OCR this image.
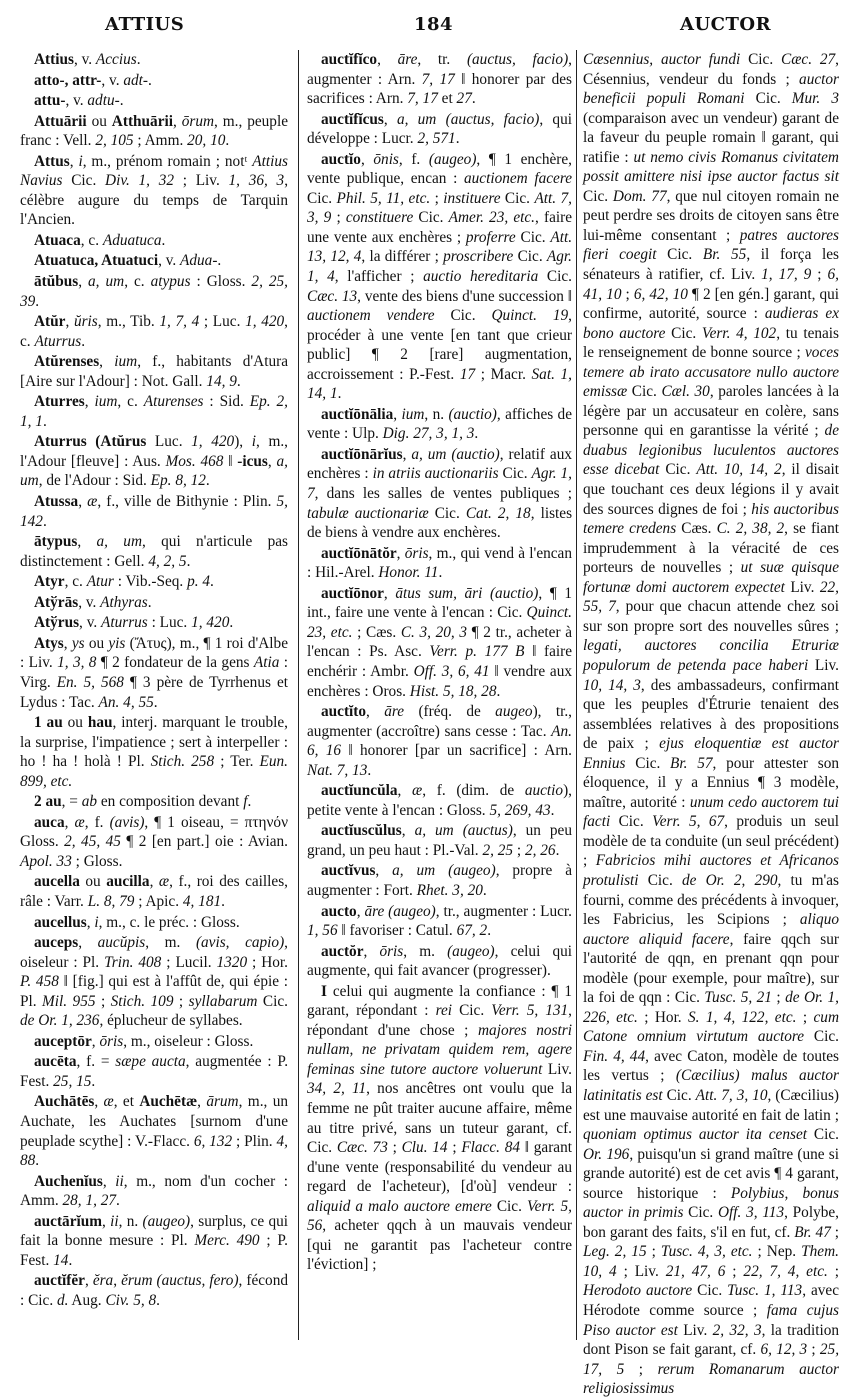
ATTIUS	184	AUCTOR
Attius, v. Accius.
atto-, attr-, v. adt-.
attu-, v. adtu-.
Attuārii ou Atthuārii, ōrum, m., peuple franc : Vell. 2, 105 ; Amm. 20, 10.
Attus, i, m., prénom romain ; notᵗ Attius Navius Cic. Div. 1, 32 ; Liv. 1, 36, 3, célèbre augure du temps de Tarquin l'Ancien.
Atuaca, c. Aduatuca.
Atuatuca, Atuatuci, v. Adua-.
ātŭbus, a, um, c. atypus : Gloss. 2, 25, 39.
Atŭr, ŭris, m., Tib. 1, 7, 4 ; Luc. 1, 420, c. Aturrus.
Atŭrenses, ium, f., habitants d'Atura [Aire sur l'Adour] : Not. Gall. 14, 9.
Aturres, ium, c. Aturenses : Sid. Ep. 2, 1, 1.
Aturrus (Atŭrus Luc. 1, 420), i, m., l'Adour [fleuve] : Aus. Mos. 468 ‖ -icus, a, um, de l'Adour : Sid. Ep. 8, 12.
Atussa, æ, f., ville de Bithynie : Plin. 5, 142.
ātypus, a, um, qui n'articule pas distinctement : Gell. 4, 2, 5.
Atyr, c. Atur : Vib.-Seq. p. 4.
Atўrās, v. Athyras.
Atўrus, v. Aturrus : Luc. 1, 420.
Atys, ys ou yis (Ἄτυς), m., ¶ 1 roi d'Albe : Liv. 1, 3, 8 ¶ 2 fondateur de la gens Atia : Virg. En. 5, 568 ¶ 3 père de Tyrrhenus et Lydus : Tac. An. 4, 55.
1 au ou hau, interj. marquant le trouble, la surprise, l'impatience ; sert à interpeller : ho ! ha ! holà ! Pl. Stich. 258 ; Ter. Eun. 899, etc.
2 au, = ab en composition devant f.
auca, æ, f. (avis), ¶ 1 oiseau, = πτηνόν Gloss. 2, 45, 45 ¶ 2 [en part.] oie : Avian. Apol. 33 ; Gloss.
aucella ou aucilla, æ, f., roi des cailles, râle : Varr. L. 8, 79 ; Apic. 4, 181.
aucellus, i, m., c. le préc. : Gloss.
auceps, aucŭpis, m. (avis, capio), oiseleur : Pl. Trin. 408 ; Lucil. 1320 ; Hor. P. 458 ‖ [fig.] qui est à l'affût de, qui épie : Pl. Mil. 955 ; Stich. 109 ; syllabarum Cic. de Or. 1, 236, éplucheur de syllabes.
auceptōr, ōris, m., oiseleur : Gloss.
aucēta, f. = sæpe aucta, augmentée : P. Fest. 25, 15.
Auchātēs, æ, et Auchētæ, ārum, m., un Auchate, les Auchates [surnom d'une peuplade scythe] : V.-Flacc. 6, 132 ; Plin. 4, 88.
Auchenĭus, ii, m., nom d'un cocher : Amm. 28, 1, 27.
auctārĭum, ii, n. (augeo), surplus, ce qui fait la bonne mesure : Pl. Merc. 490 ; P. Fest. 14.
auctĭfĕr, ĕra, ĕrum (auctus, fero), fécond : Cic. d. Aug. Civ. 5, 8.
auctĭfĭco, āre, tr. (auctus, facio), augmenter : Arn. 7, 17 ‖ honorer par des sacrifices : Arn. 7, 17 et 27.
auctĭfĭcus, a, um (auctus, facio), qui développe : Lucr. 2, 571.
auctĭo, ōnis, f. (augeo), ¶ 1 enchère, vente publique, encan : auctionem facere Cic. Phil. 5, 11, etc. ; instituere Cic. Att. 7, 3, 9 ; constituere Cic. Amer. 23, etc., faire une vente aux enchères ; proferre Cic. Att. 13, 12, 4, la différer ; proscribere Cic. Agr. 1, 4, l'afficher ; auctio hereditaria Cic. Cæc. 13, vente des biens d'une succession ‖ auctionem vendere Cic. Quinct. 19, procéder à une vente [en tant que crieur public] ¶ 2 [rare] augmentation, accroissement : P.-Fest. 17 ; Macr. Sat. 1, 14, 1.
auctĭōnālia, ium, n. (auctio), affiches de vente : Ulp. Dig. 27, 3, 1, 3.
auctĭōnārĭus, a, um (auctio), relatif aux enchères : in atriis auctionariis Cic. Agr. 1, 7, dans les salles de ventes publiques ; tabulæ auctionariæ Cic. Cat. 2, 18, listes de biens à vendre aux enchères.
auctĭōnātŏr, ōris, m., qui vend à l'encan : Hil.-Arel. Honor. 11.
auctĭōnor, ātus sum, āri (auctio), ¶ 1 int., faire une vente à l'encan : Cic. Quinct. 23, etc. ; Cæs. C. 3, 20, 3 ¶ 2 tr., acheter à l'encan : Ps. Asc. Verr. p. 177 B ‖ faire enchérir : Ambr. Off. 3, 6, 41 ‖ vendre aux enchères : Oros. Hist. 5, 18, 28.
auctĭto, āre (fréq. de augeo), tr., augmenter (accroître) sans cesse : Tac. An. 6, 16 ‖ honorer [par un sacrifice] : Arn. Nat. 7, 13.
auctĭuncŭla, æ, f. (dim. de auctio), petite vente à l'encan : Gloss. 5, 269, 43.
auctĭuscŭlus, a, um (auctus), un peu grand, un peu haut : Pl.-Val. 2, 25 ; 2, 26.
auctĭvus, a, um (augeo), propre à augmenter : Fort. Rhet. 3, 20.
aucto, āre (augeo), tr., augmenter : Lucr. 1, 56 ‖ favoriser : Catul. 67, 2.
auctŏr, ōris, m. (augeo), celui qui augmente, qui fait avancer (progresser).
I celui qui augmente la confiance : ¶ 1 garant, répondant : rei Cic. Verr. 5, 131, répondant d'une chose ; majores nostri nullam, ne privatam quidem rem, agere feminas sine tutore auctore voluerunt Liv. 34, 2, 11, nos ancêtres ont voulu que la femme ne pût traiter aucune affaire, même au titre privé, sans un tuteur garant, cf. Cic. Cæc. 73 ; Clu. 14 ; Flacc. 84 ‖ garant d'une vente (responsabilité du vendeur au regard de l'acheteur), [d'où] vendeur : aliquid a malo auctore emere Cic. Verr. 5, 56, acheter qqch à un mauvais vendeur [qui ne garantit pas l'acheteur contre l'éviction] ;
Cæsennius, auctor fundi Cic. Cæc. 27, Césennius, vendeur du fonds ; auctor beneficii populi Romani Cic. Mur. 3 (comparaison avec un vendeur) garant de la faveur du peuple romain ‖ garant, qui ratifie : ut nemo civis Romanus civitatem possit amittere nisi ipse auctor factus sit Cic. Dom. 77, que nul citoyen romain ne peut perdre ses droits de citoyen sans être lui-même consentant ; patres auctores fieri coegit Cic. Br. 55, il força les sénateurs à ratifier, cf. Liv. 1, 17, 9 ; 6, 41, 10 ; 6, 42, 10 ¶ 2 [en gén.] garant, qui confirme, autorité, source : audieras ex bono auctore Cic. Verr. 4, 102, tu tenais le renseignement de bonne source ; voces temere ab irato accusatore nullo auctore emissæ Cic. Cæl. 30, paroles lancées à la légère par un accusateur en colère, sans personne qui en garantisse la vérité ; de duabus legionibus luculentos auctores esse dicebat Cic. Att. 10, 14, 2, il disait que touchant ces deux légions il y avait des sources dignes de foi ; his auctoribus temere credens Cæs. C. 2, 38, 2, se fiant imprudemment à la véracité de ces porteurs de nouvelles ; ut suæ quisque fortunæ domi auctorem expectet Liv. 22, 55, 7, pour que chacun attende chez soi sur son propre sort des nouvelles sûres ; legati, auctores concilia Etruriæ populorum de petenda pace haberi Liv. 10, 14, 3, des ambassadeurs, confirmant que les peuples d'Étrurie tenaient des assemblées relatives à des propositions de paix ; ejus eloquentiæ est auctor Ennius Cic. Br. 57, pour attester son éloquence, il y a Ennius ¶ 3 modèle, maître, autorité : unum cedo auctorem tui facti Cic. Verr. 5, 67, produis un seul modèle de ta conduite (un seul précédent) ; Fabricios mihi auctores et Africanos protulisti Cic. de Or. 2, 290, tu m'as fourni, comme des précédents à invoquer, les Fabricius, les Scipions ; aliquo auctore aliquid facere, faire qqch sur l'autorité de qqn, en prenant qqn pour modèle (pour exemple, pour maître), sur la foi de qqn : Cic. Tusc. 5, 21 ; de Or. 1, 226, etc. ; Hor. S. 1, 4, 122, etc. ; cum Catone omnium virtutum auctore Cic. Fin. 4, 44, avec Caton, modèle de toutes les vertus ; (Cæcilius) malus auctor latinitatis est Cic. Att. 7, 3, 10, (Cæcilius) est une mauvaise autorité en fait de latin ; quoniam optimus auctor ita censet Cic. Or. 196, puisqu'un si grand maître (une si grande autorité) est de cet avis ¶ 4 garant, source historique : Polybius, bonus auctor in primis Cic. Off. 3, 113, Polybe, bon garant des faits, s'il en fut, cf. Br. 47 ; Leg. 2, 15 ; Tusc. 4, 3, etc. ; Nep. Them. 10, 4 ; Liv. 21, 47, 6 ; 22, 7, 4, etc. ; Herodoto auctore Cic. Tusc. 1, 113, avec Hérodote comme source ; fama cujus Piso auctor est Liv. 2, 32, 3, la tradition dont Pison se fait garant, cf. 6, 12, 3 ; 25, 17, 5 ; rerum Romanarum auctor religiosissimus
